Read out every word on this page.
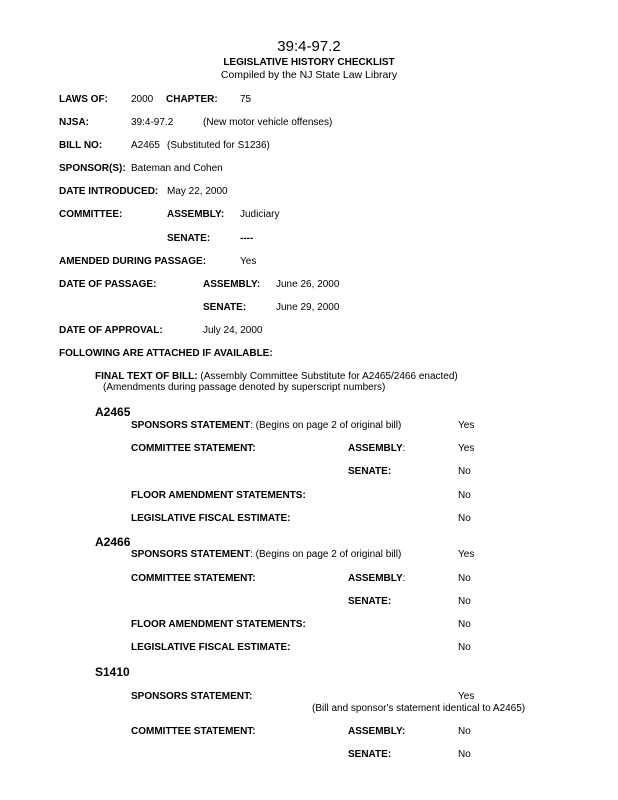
39:4-97.2
LEGISLATIVE HISTORY CHECKLIST
Compiled by the NJ State Law Library
LAWS OF: 2000 CHAPTER: 75
NJSA:	39:4-97.2	(New motor vehicle offenses)
BILL NO:	A2465 (Substituted for S1236)
SPONSOR(S): Bateman and Cohen
DATE INTRODUCED: May 22, 2000
COMMITTEE:	ASSEMBLY: Judiciary
SENATE:	----
AMENDED DURING PASSAGE:	Yes
DATE OF PASSAGE:	ASSEMBLY: June 26, 2000
SENATE:	June 29, 2000
DATE OF APPROVAL:	July 24, 2000
FOLLOWING ARE ATTACHED IF AVAILABLE:
FINAL TEXT OF BILL: (Assembly Committee Substitute for A2465/2466 enacted)
(Amendments during passage denoted by superscript numbers)
A2465
SPONSORS STATEMENT: (Begins on page 2 of original bill)	Yes
COMMITTEE STATEMENT:	ASSEMBLY:	Yes
SENATE:	No
FLOOR AMENDMENT STATEMENTS:	No
LEGISLATIVE FISCAL ESTIMATE:	No
A2466
SPONSORS STATEMENT: (Begins on page 2 of original bill)	Yes
COMMITTEE STATEMENT:	ASSEMBLY:	No
SENATE:	No
FLOOR AMENDMENT STATEMENTS:	No
LEGISLATIVE FISCAL ESTIMATE:	No
S1410
SPONSORS STATEMENT:	Yes
(Bill and sponsor's statement identical to A2465)
COMMITTEE STATEMENT:	ASSEMBLY:	No
SENATE:	No
